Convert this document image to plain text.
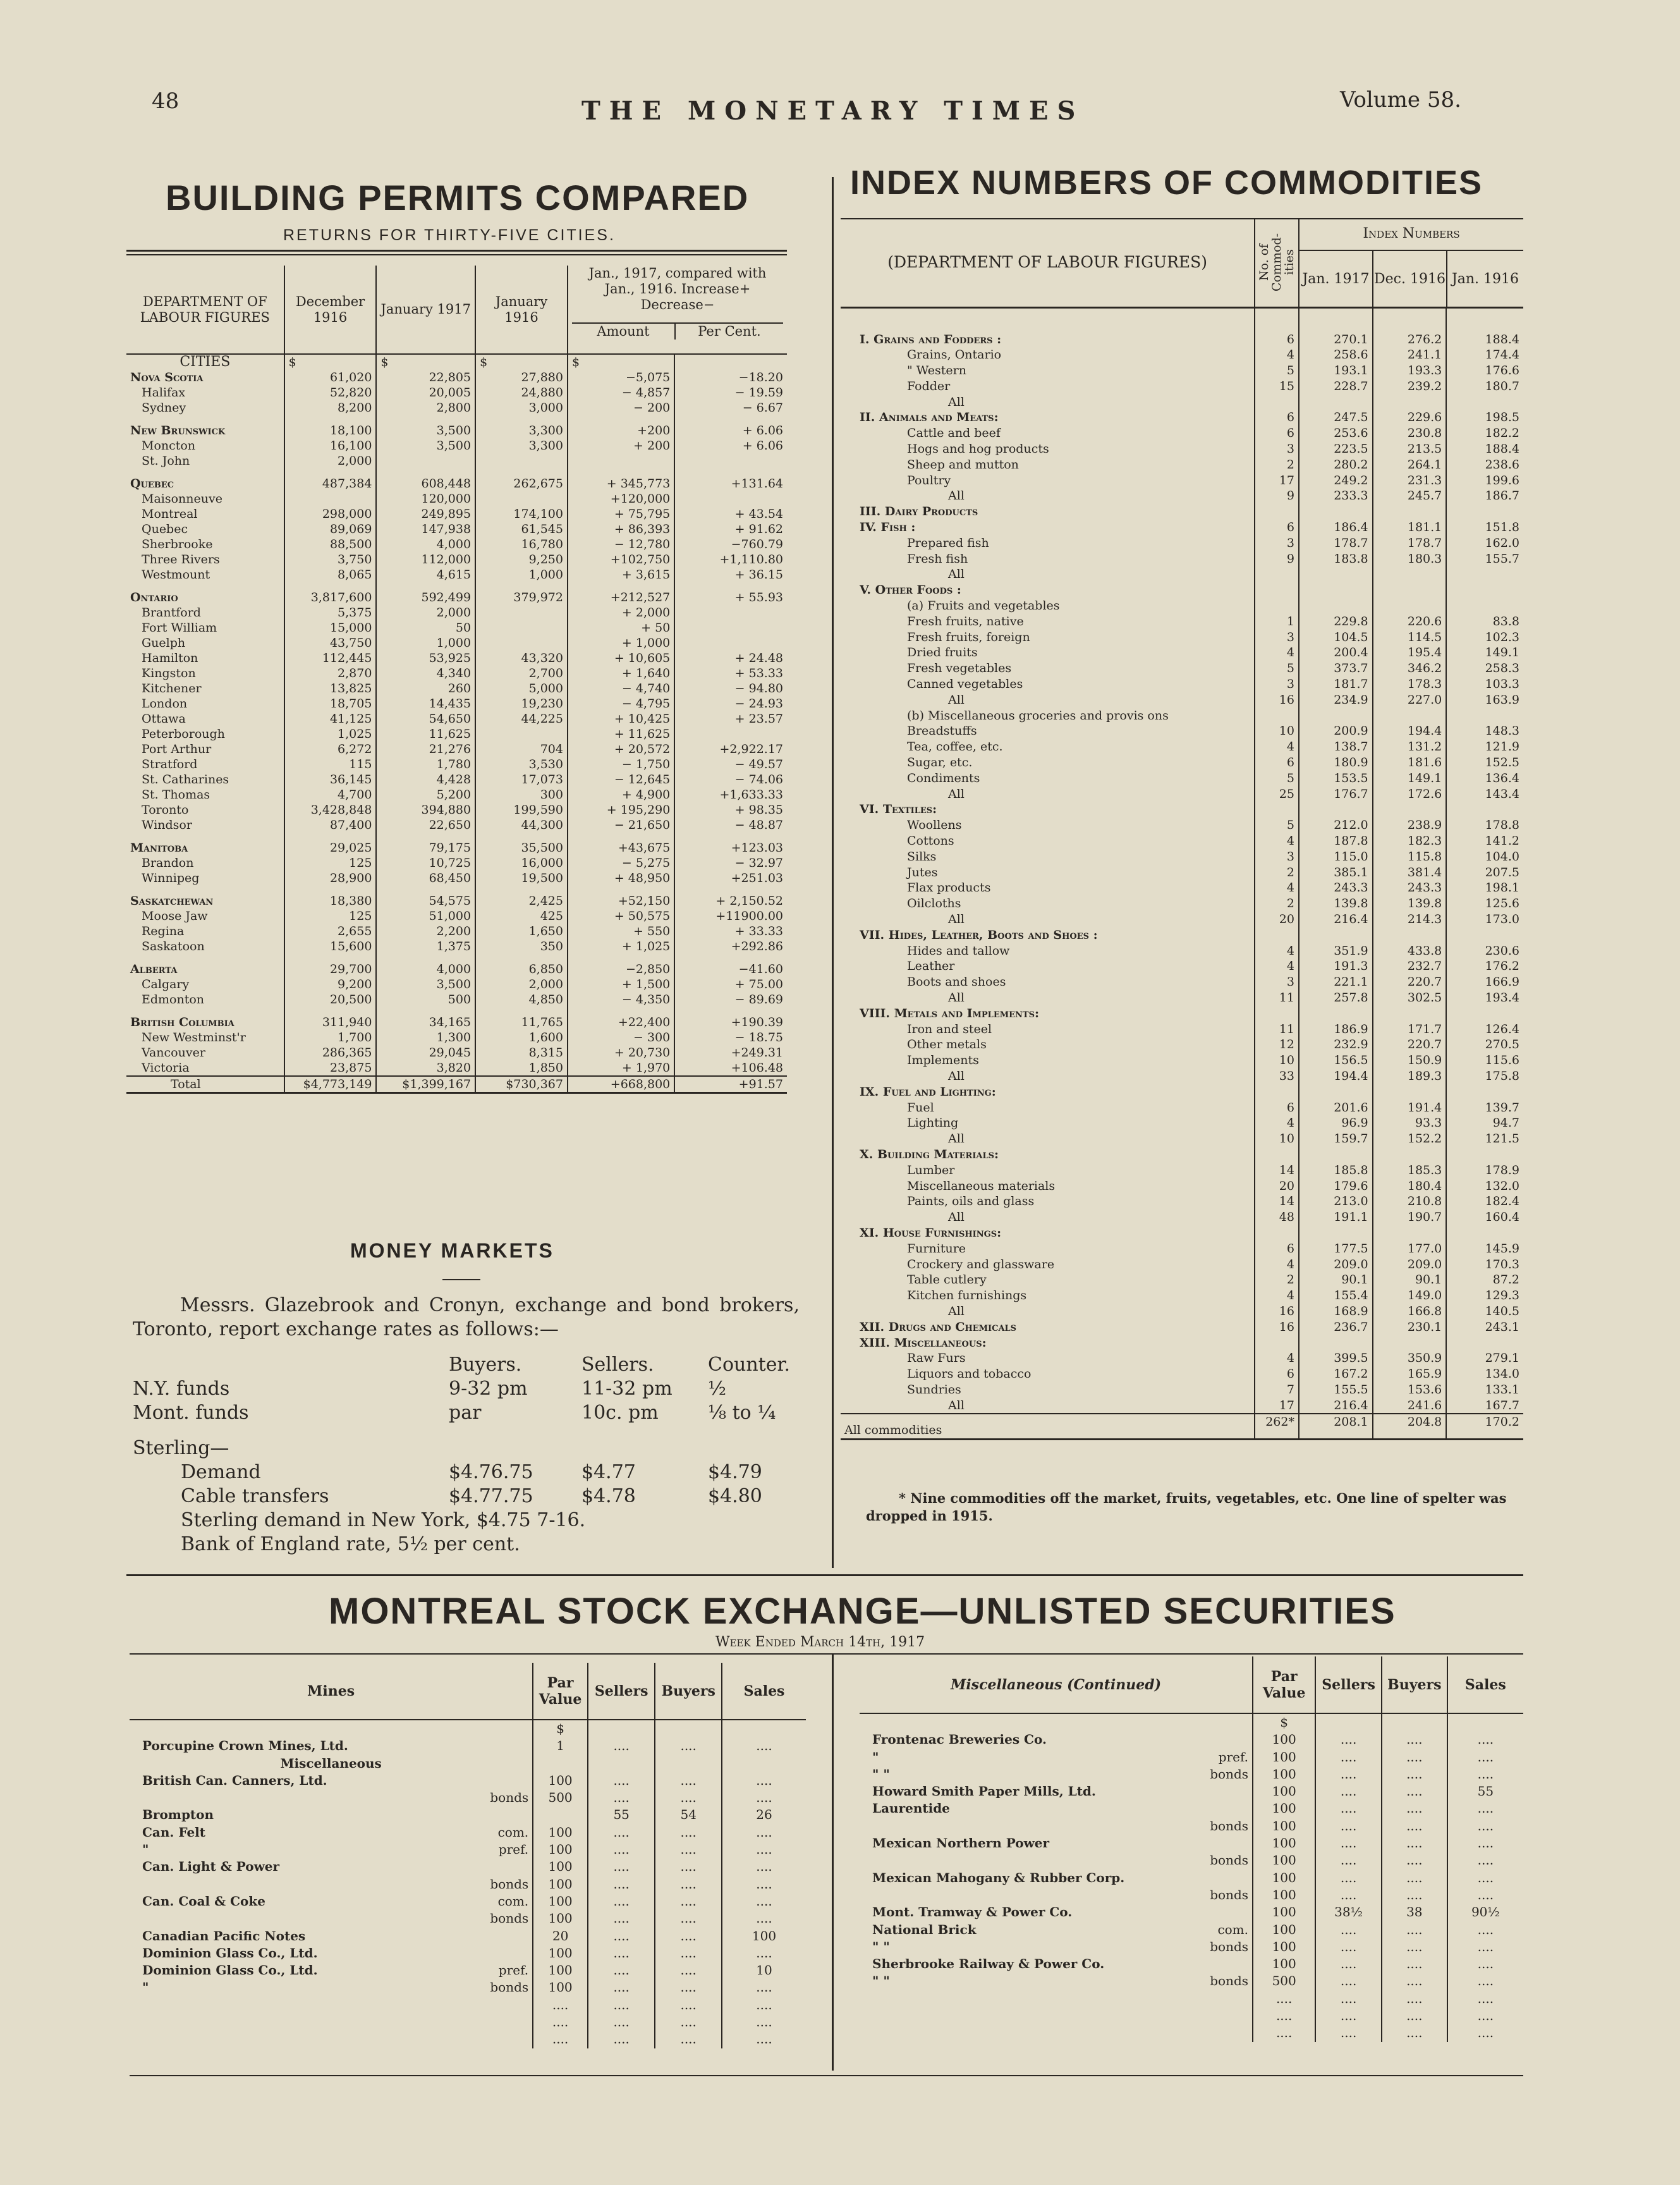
48	THE MONETARY TIMES	Volume 58.
BUILDING PERMITS COMPARED
RETURNS FOR THIRTY-FIVE CITIES.
DEPARTMENT OF LABOUR FIGURES	December 1916	January 1917	January 1916	Jan., 1917, compared with Jan., 1916. Increase+ Decrease−
Amount Per Cent.	

CITIES	$	$	$	$	
Nova Scotia	61,020	22,805	27,880	−5,075	−18.20
Halifax	52,820	20,005	24,880	− 4,857	− 19.59
Sydney	8,200	2,800	3,000	− 200	− 6.67
New Brunswick	18,100	3,500	3,300	+200	+ 6.06
Moncton	16,100	3,500	3,300	+ 200	+ 6.06
St. John	2,000				
Quebec	487,384	608,448	262,675	+ 345,773	+131.64
Maisonneuve		120,000		+120,000	
Montreal	298,000	249,895	174,100	+ 75,795	+ 43.54
Quebec	89,069	147,938	61,545	+ 86,393	+ 91.62
Sherbrooke	88,500	4,000	16,780	− 12,780	−760.79
Three Rivers	3,750	112,000	9,250	+102,750	+1,110.80
Westmount	8,065	4,615	1,000	+ 3,615	+ 36.15
Ontario	3,817,600	592,499	379,972	+212,527	+ 55.93
Brantford	5,375	2,000		+ 2,000	
Fort William	15,000	50		+ 50	
Guelph	43,750	1,000		+ 1,000	
Hamilton	112,445	53,925	43,320	+ 10,605	+ 24.48
Kingston	2,870	4,340	2,700	+ 1,640	+ 53.33
Kitchener	13,825	260	5,000	− 4,740	− 94.80
London	18,705	14,435	19,230	− 4,795	− 24.93
Ottawa	41,125	54,650	44,225	+ 10,425	+ 23.57
Peterborough	1,025	11,625		+ 11,625	
Port Arthur	6,272	21,276	704	+ 20,572	+2,922.17
Stratford	115	1,780	3,530	− 1,750	− 49.57
St. Catharines	36,145	4,428	17,073	− 12,645	− 74.06
St. Thomas	4,700	5,200	300	+ 4,900	+1,633.33
Toronto	3,428,848	394,880	199,590	+ 195,290	+ 98.35
Windsor	87,400	22,650	44,300	− 21,650	− 48.87
Manitoba	29,025	79,175	35,500	+43,675	+123.03
Brandon	125	10,725	16,000	− 5,275	− 32.97
Winnipeg	28,900	68,450	19,500	+ 48,950	+251.03
Saskatchewan	18,380	54,575	2,425	+52,150	+ 2,150.52
Moose Jaw	125	51,000	425	+ 50,575	+11900.00
Regina	2,655	2,200	1,650	+ 550	+ 33.33
Saskatoon	15,600	1,375	350	+ 1,025	+292.86
Alberta	29,700	4,000	6,850	−2,850	−41.60
Calgary	9,200	3,500	2,000	+ 1,500	+ 75.00
Edmonton	20,500	500	4,850	− 4,350	− 89.69
British Columbia	311,940	34,165	11,765	+22,400	+190.39
New Westminst'r	1,700	1,300	1,600	− 300	− 18.75
Vancouver	286,365	29,045	8,315	+ 20,730	+249.31
Victoria	23,875	3,820	1,850	+ 1,970	+106.48
Total	$4,773,149	$1,399,167	$730,367	+668,800	+91.57
MONEY MARKETS
Messrs. Glazebrook and Cronyn, exchange and bond brokers, Toronto, report exchange rates as follows:—
Buyers.	Sellers.	Counter.
N.Y. funds	9-32 pm	11-32 pm	½
Mont. funds	par	10c. pm	⅛ to ¼
Sterling—
Demand	$4.76.75	$4.77	$4.79
Cable transfers	$4.77.75	$4.78	$4.80
Sterling demand in New York, $4.75 7-16.
Bank of England rate, 5½ per cent.
INDEX NUMBERS OF COMMODITIES
(DEPARTMENT OF LABOUR FIGURES)	No. of Commod-ities	Index Numbers
Jan. 1917 Dec. 1916 Jan. 1916		

I. Grains and Fodders :	6	270.1	276.2	188.4
Grains, Ontario	4	258.6	241.1	174.4
" Western	5	193.1	193.3	176.6
Fodder	15	228.7	239.2	180.7
All				
II. Animals and Meats:	6	247.5	229.6	198.5
Cattle and beef	6	253.6	230.8	182.2
Hogs and hog products	3	223.5	213.5	188.4
Sheep and mutton	2	280.2	264.1	238.6
Poultry	17	249.2	231.3	199.6
All	9	233.3	245.7	186.7
III. Dairy Products				
IV. Fish :	6	186.4	181.1	151.8
Prepared fish	3	178.7	178.7	162.0
Fresh fish	9	183.8	180.3	155.7
All				
V. Other Foods :				
(a) Fruits and vegetables				
Fresh fruits, native	1	229.8	220.6	83.8
Fresh fruits, foreign	3	104.5	114.5	102.3
Dried fruits	4	200.4	195.4	149.1
Fresh vegetables	5	373.7	346.2	258.3
Canned vegetables	3	181.7	178.3	103.3
All	16	234.9	227.0	163.9
(b) Miscellaneous groceries and provis ons				
Breadstuffs	10	200.9	194.4	148.3
Tea, coffee, etc.	4	138.7	131.2	121.9
Sugar, etc.	6	180.9	181.6	152.5
Condiments	5	153.5	149.1	136.4
All	25	176.7	172.6	143.4
VI. Textiles:				
Woollens	5	212.0	238.9	178.8
Cottons	4	187.8	182.3	141.2
Silks	3	115.0	115.8	104.0
Jutes	2	385.1	381.4	207.5
Flax products	4	243.3	243.3	198.1
Oilcloths	2	139.8	139.8	125.6
All	20	216.4	214.3	173.0
VII. Hides, Leather, Boots and Shoes :				
Hides and tallow	4	351.9	433.8	230.6
Leather	4	191.3	232.7	176.2
Boots and shoes	3	221.1	220.7	166.9
All	11	257.8	302.5	193.4
VIII. Metals and Implements:				
Iron and steel	11	186.9	171.7	126.4
Other metals	12	232.9	220.7	270.5
Implements	10	156.5	150.9	115.6
All	33	194.4	189.3	175.8
IX. Fuel and Lighting:				
Fuel	6	201.6	191.4	139.7
Lighting	4	96.9	93.3	94.7
All	10	159.7	152.2	121.5
X. Building Materials:				
Lumber	14	185.8	185.3	178.9
Miscellaneous materials	20	179.6	180.4	132.0
Paints, oils and glass	14	213.0	210.8	182.4
All	48	191.1	190.7	160.4
XI. House Furnishings:				
Furniture	6	177.5	177.0	145.9
Crockery and glassware	4	209.0	209.0	170.3
Table cutlery	2	90.1	90.1	87.2
Kitchen furnishings	4	155.4	149.0	129.3
All	16	168.9	166.8	140.5
XII. Drugs and Chemicals	16	236.7	230.1	243.1
XIII. Miscellaneous:				
Raw Furs	4	399.5	350.9	279.1
Liquors and tobacco	6	167.2	165.9	134.0
Sundries	7	155.5	153.6	133.1
All	17	216.4	241.6	167.7
All commodities	262*	208.1	204.8	170.2
* Nine commodities off the market, fruits, vegetables, etc. One line of spelter was dropped in 1915.
MONTREAL STOCK EXCHANGE—UNLISTED SECURITIES
Week Ended March 14th, 1917
Mines		Par Value	Sellers	Buyers	Sales
		$			
Porcupine Crown Mines, Ltd.		1	....	....	....
Miscellaneous					
British Can. Canners, Ltd.		100	....	....	....
	bonds	500	....	....	....
Brompton			55	54	26
Can. Felt	com.	100	....	....	....
"	pref.	100	....	....	....
Can. Light & Power		100	....	....	....
	bonds	100	....	....	....
Can. Coal & Coke	com.	100	....	....	....
	bonds	100	....	....	....
Canadian Pacific Notes		20	....	....	100
Dominion Glass Co., Ltd.		100	....	....	....
Dominion Glass Co., Ltd.	pref.	100	....	....	10
"	bonds	100	....	....	....
		....	....	....	....
		....	....	....	....
		....	....	....	....
Miscellaneous (Continued)		Par Value	Sellers	Buyers	Sales
		$			
Frontenac Breweries Co.		100	....	....	....
"	pref.	100	....	....	....
" "	bonds	100	....	....	....
Howard Smith Paper Mills, Ltd.		100	....	....	55
Laurentide		100	....	....	....
	bonds	100	....	....	....
Mexican Northern Power		100	....	....	....
	bonds	100	....	....	....
Mexican Mahogany & Rubber Corp.		100	....	....	....
	bonds	100	....	....	....
Mont. Tramway & Power Co.		100	38½	38	90½
National Brick	com.	100	....	....	....
" "	bonds	100	....	....	....
Sherbrooke Railway & Power Co.		100	....	....	....
" "	bonds	500	....	....	....
		....	....	....	....
		....	....	....	....
		....	....	....	....
